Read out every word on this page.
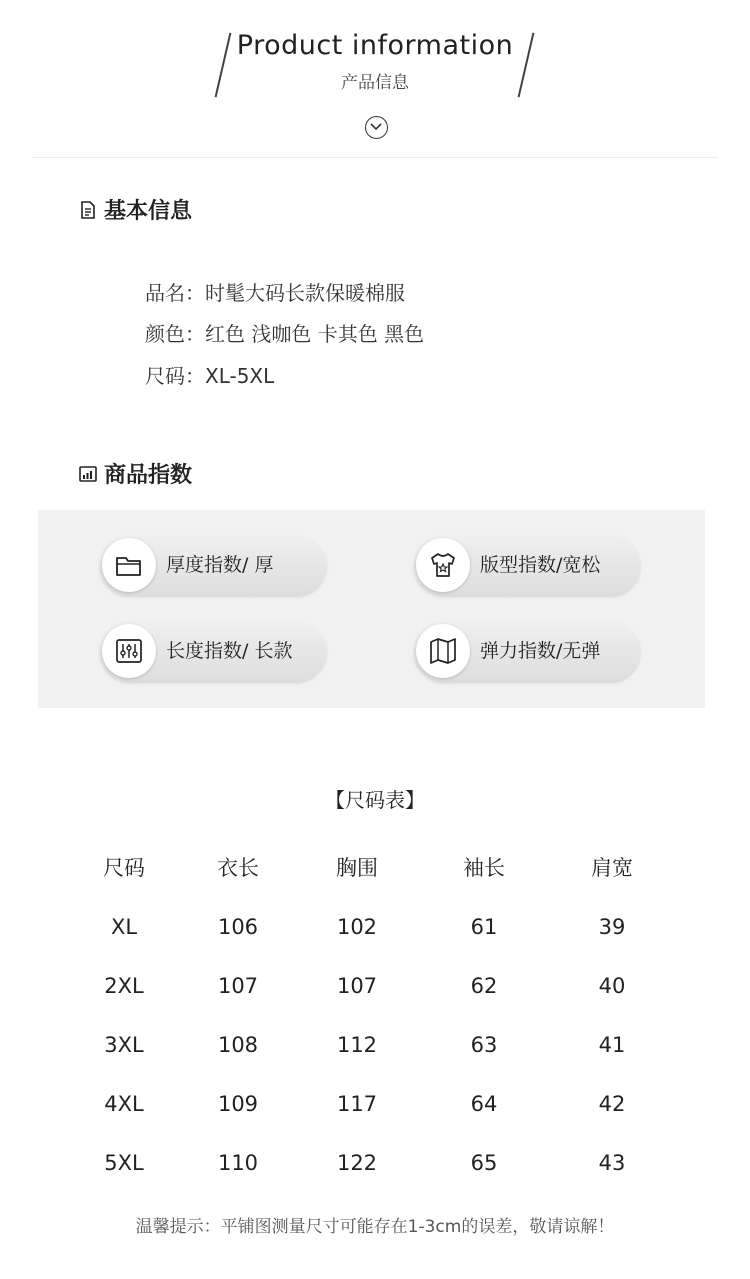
Product information
产品信息
基本信息
品名：时髦大码长款保暖棉服
颜色：红色 浅咖色 卡其色 黑色
尺码：XL-5XL
商品指数
厚度指数/ 厚	版型指数/宽松
长度指数/ 长款	弹力指数/无弹
【尺码表】
尺码	衣长	胸围	袖长	肩宽
XL	106	102	61	39
2XL	107	107	62	40
3XL	108	112	63	41
4XL	109	117	64	42
5XL	110	122	65	43
温馨提示：平铺图测量尺寸可能存在1-3cm的误差，敬请谅解！
